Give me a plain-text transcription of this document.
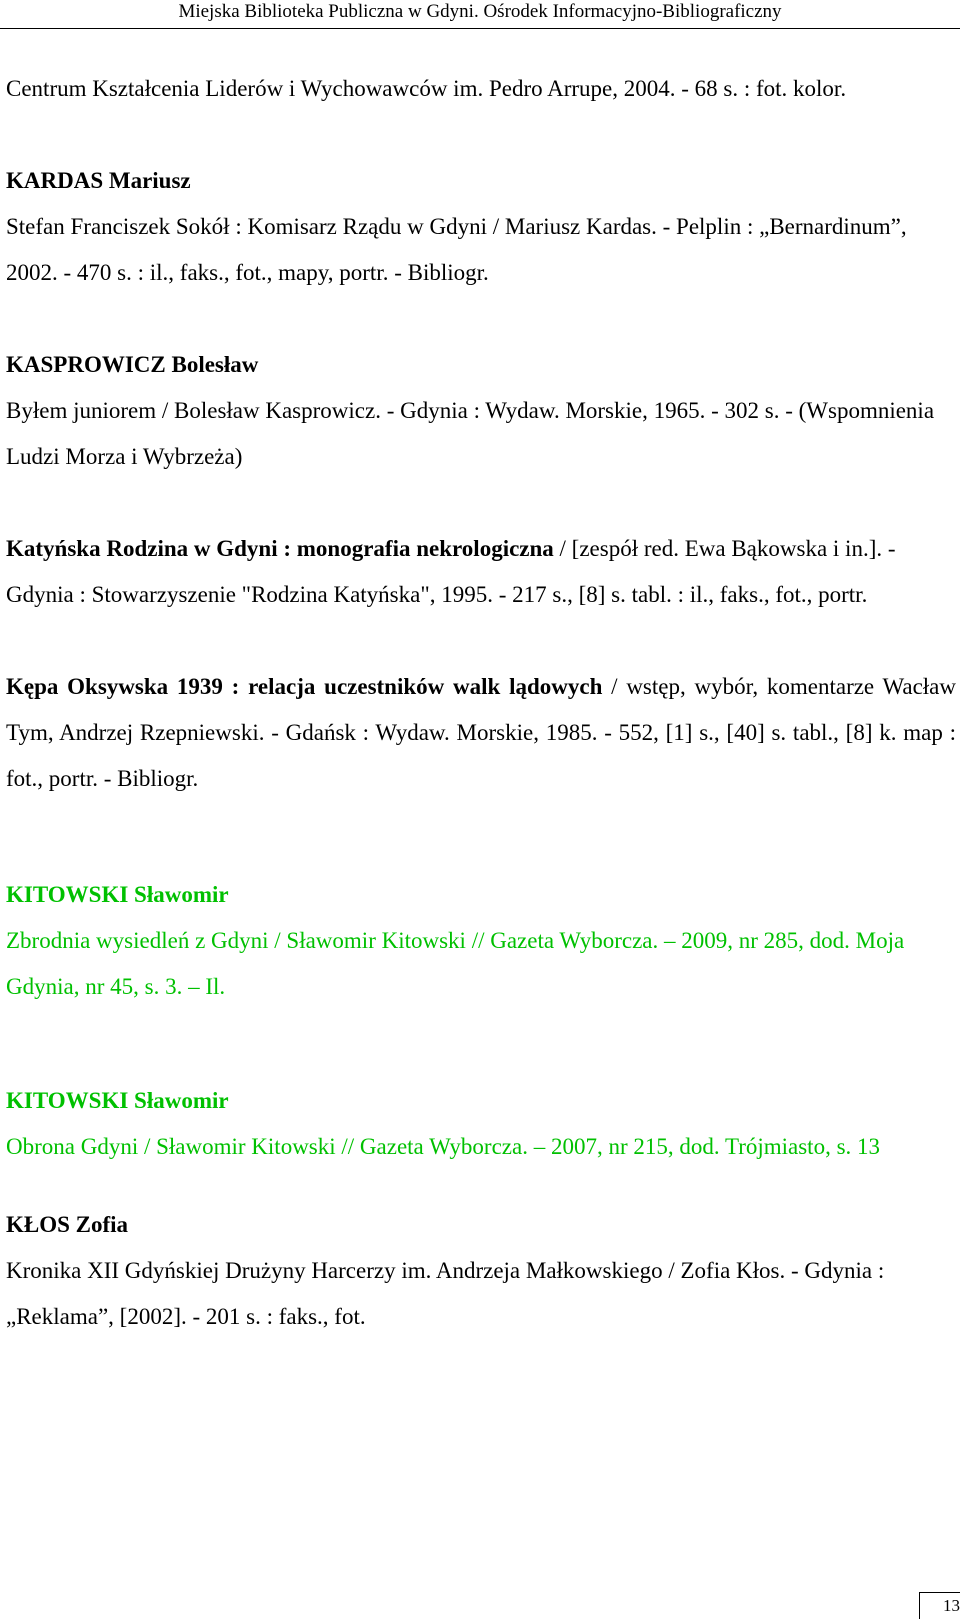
Miejska Biblioteka Publiczna w Gdyni. Ośrodek Informacyjno-Bibliograficzny

Centrum Kształcenia Liderów i Wychowawców im. Pedro Arrupe, 2004. - 68 s. : fot. kolor.

KARDAS Mariusz

Stefan Franciszek Sokół : Komisarz Rządu w Gdyni / Mariusz Kardas. - Pelplin : „Bernardinum”, 2002. - 470 s. : il., faks., fot., mapy, portr. - Bibliogr.

KASPROWICZ Bolesław

Byłem juniorem / Bolesław Kasprowicz. - Gdynia : Wydaw. Morskie, 1965. - 302 s. - (Wspomnienia Ludzi Morza i Wybrzeża)

Katyńska Rodzina w Gdyni : monografia nekrologiczna / [zespół red. Ewa Bąkowska i in.]. - Gdynia : Stowarzyszenie "Rodzina Katyńska", 1995. - 217 s., [8] s. tabl. : il., faks., fot., portr.

Kępa Oksywska 1939 : relacja uczestników walk lądowych / wstęp, wybór, komentarze Wacław Tym, Andrzej Rzepniewski. - Gdańsk : Wydaw. Morskie, 1985. - 552, [1] s., [40] s. tabl., [8] k. map : fot., portr. - Bibliogr.

KITOWSKI Sławomir

Zbrodnia wysiedleń z Gdyni / Sławomir Kitowski // Gazeta Wyborcza. – 2009, nr 285, dod. Moja Gdynia, nr 45, s. 3. – Il.

KITOWSKI Sławomir

Obrona Gdyni / Sławomir Kitowski // Gazeta Wyborcza. – 2007, nr 215, dod. Trójmiasto, s. 13

KŁOS Zofia

Kronika XII Gdyńskiej Drużyny Harcerzy im. Andrzeja Małkowskiego / Zofia Kłos. - Gdynia : „Reklama”, [2002]. - 201 s. : faks., fot.

13
